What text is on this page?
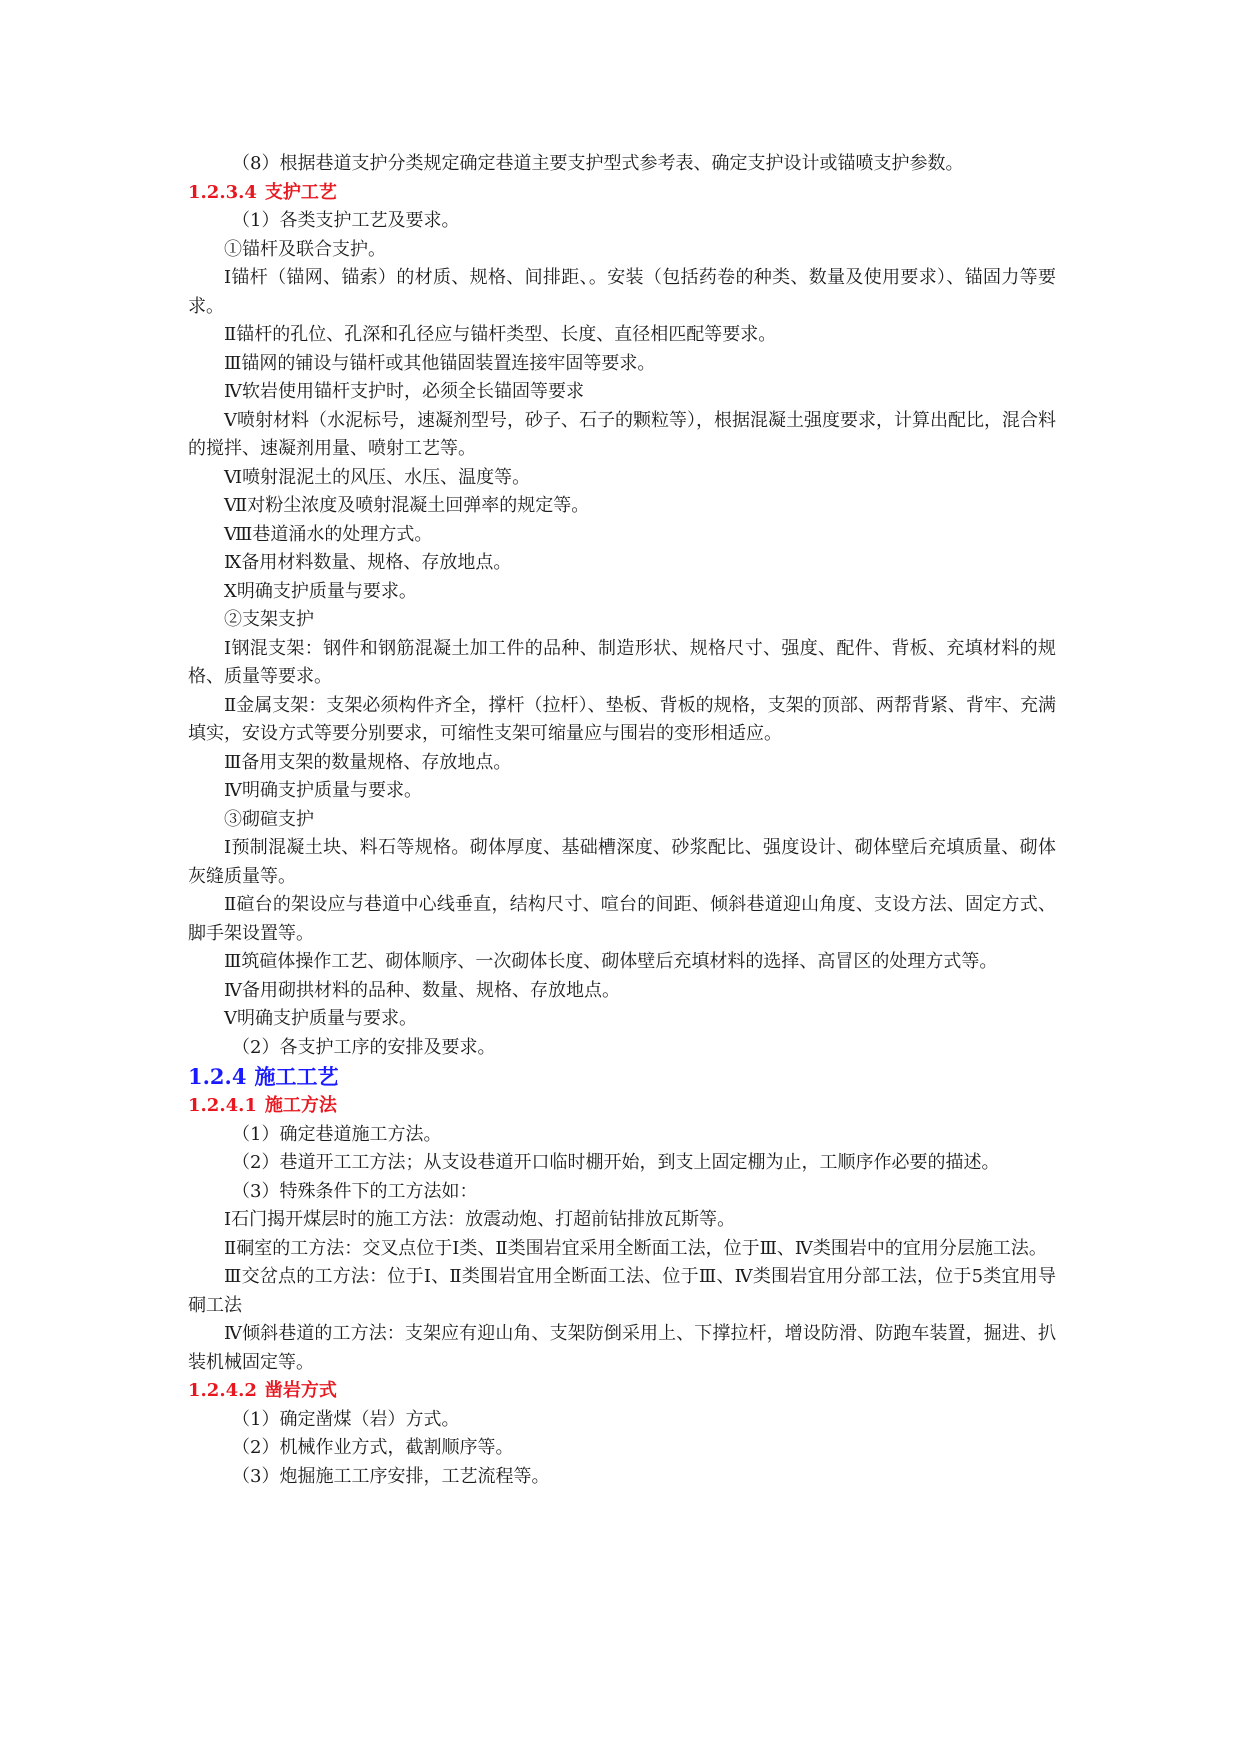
（8）根据巷道支护分类规定确定巷道主要支护型式参考表、确定支护设计或锚喷支护参数。

1.2.3.4 支护工艺

（1）各类支护工艺及要求。

①锚杆及联合支护。

Ⅰ锚杆（锚网、锚索）的材质、规格、间排距、。安装（包括药卷的种类、数量及使用要求）、锚固力等要求。

Ⅱ锚杆的孔位、孔深和孔径应与锚杆类型、长度、直径相匹配等要求。

Ⅲ锚网的铺设与锚杆或其他锚固装置连接牢固等要求。

Ⅳ软岩使用锚杆支护时，必须全长锚固等要求

Ⅴ喷射材料（水泥标号，速凝剂型号，砂子、石子的颗粒等），根据混凝土强度要求，计算出配比，混合料的搅拌、速凝剂用量、喷射工艺等。

Ⅵ喷射混泥土的风压、水压、温度等。

Ⅶ对粉尘浓度及喷射混凝土回弹率的规定等。

Ⅷ巷道涌水的处理方式。

Ⅸ备用材料数量、规格、存放地点。

Ⅹ明确支护质量与要求。

②支架支护

Ⅰ钢混支架：钢件和钢筋混凝土加工件的品种、制造形状、规格尺寸、强度、配件、背板、充填材料的规格、质量等要求。

Ⅱ金属支架：支架必须构件齐全，撑杆（拉杆）、垫板、背板的规格，支架的顶部、两帮背紧、背牢、充满填实，安设方式等要分别要求，可缩性支架可缩量应与围岩的变形相适应。

Ⅲ备用支架的数量规格、存放地点。

Ⅳ明确支护质量与要求。

③砌碹支护

Ⅰ预制混凝土块、料石等规格。砌体厚度、基础槽深度、砂浆配比、强度设计、砌体壁后充填质量、砌体灰缝质量等。

Ⅱ碹台的架设应与巷道中心线垂直，结构尺寸、喧台的间距、倾斜巷道迎山角度、支设方法、固定方式、脚手架设置等。

Ⅲ筑碹体操作工艺、砌体顺序、一次砌体长度、砌体壁后充填材料的选择、高冒区的处理方式等。

Ⅳ备用砌拱材料的品种、数量、规格、存放地点。

Ⅴ明确支护质量与要求。

（2）各支护工序的安排及要求。

1.2.4 施工工艺
1.2.4.1 施工方法

（1）确定巷道施工方法。

（2）巷道开工工方法；从支设巷道开口临时棚开始，到支上固定棚为止，工顺序作必要的描述。

（3）特殊条件下的工方法如：

Ⅰ石门揭开煤层时的施工方法：放震动炮、打超前钻排放瓦斯等。

Ⅱ硐室的工方法：交叉点位于Ⅰ类、Ⅱ类围岩宜采用全断面工法，位于Ⅲ、Ⅳ类围岩中的宜用分层施工法。

Ⅲ交岔点的工方法：位于Ⅰ、Ⅱ类围岩宜用全断面工法、位于Ⅲ、Ⅳ类围岩宜用分部工法，位于5类宜用导硐工法

Ⅳ倾斜巷道的工方法：支架应有迎山角、支架防倒采用上、下撑拉杆，增设防滑、防跑车装置，掘进、扒装机械固定等。

1.2.4.2 凿岩方式

（1）确定凿煤（岩）方式。

（2）机械作业方式，截割顺序等。

（3）炮掘施工工序安排，工艺流程等。
